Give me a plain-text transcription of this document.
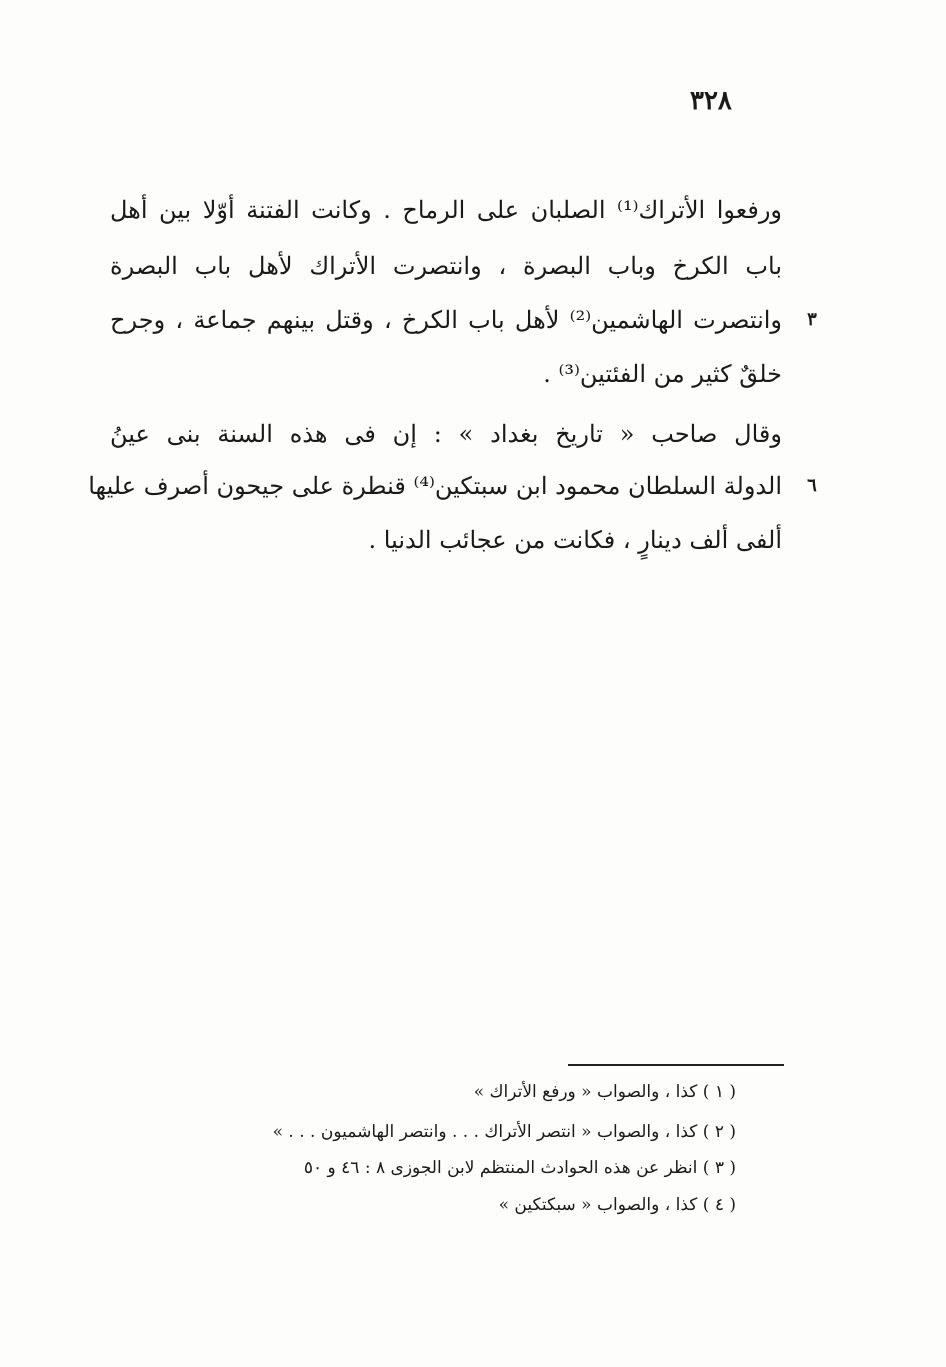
٣٢٨
ورفعوا الأتراك⁽¹⁾ الصلبان على الرماح . وكانت الفتنة أوّلا بين أهل
باب الكرخ وباب البصرة ، وانتصرت الأتراك لأهل باب البصرة
وانتصرت الهاشمين⁽²⁾ لأهل باب الكرخ ، وقتل بينهم جماعة ، وجرح
خلقٌ كثير من الفئتين⁽³⁾ .
وقال صاحب « تاريخ بغداد » : إن فى هذه السنة بنى عينُ
الدولة السلطان محمود ابن سبتكين⁽⁴⁾ قنطرة على جيحون أصرف عليها
ألفى ألف دينارٍ ، فكانت من عجائب الدنيا .
٣
٦
( ١ ) كذا ، والصواب « ورفع الأتراك »
( ٢ ) كذا ، والصواب « انتصر الأتراك . . . وانتصر الهاشميون . . . »
( ٣ ) انظر عن هذه الحوادث المنتظم لابن الجوزى ٨ : ٤٦ و ٥٠
( ٤ ) كذا ، والصواب « سبكتكين »
